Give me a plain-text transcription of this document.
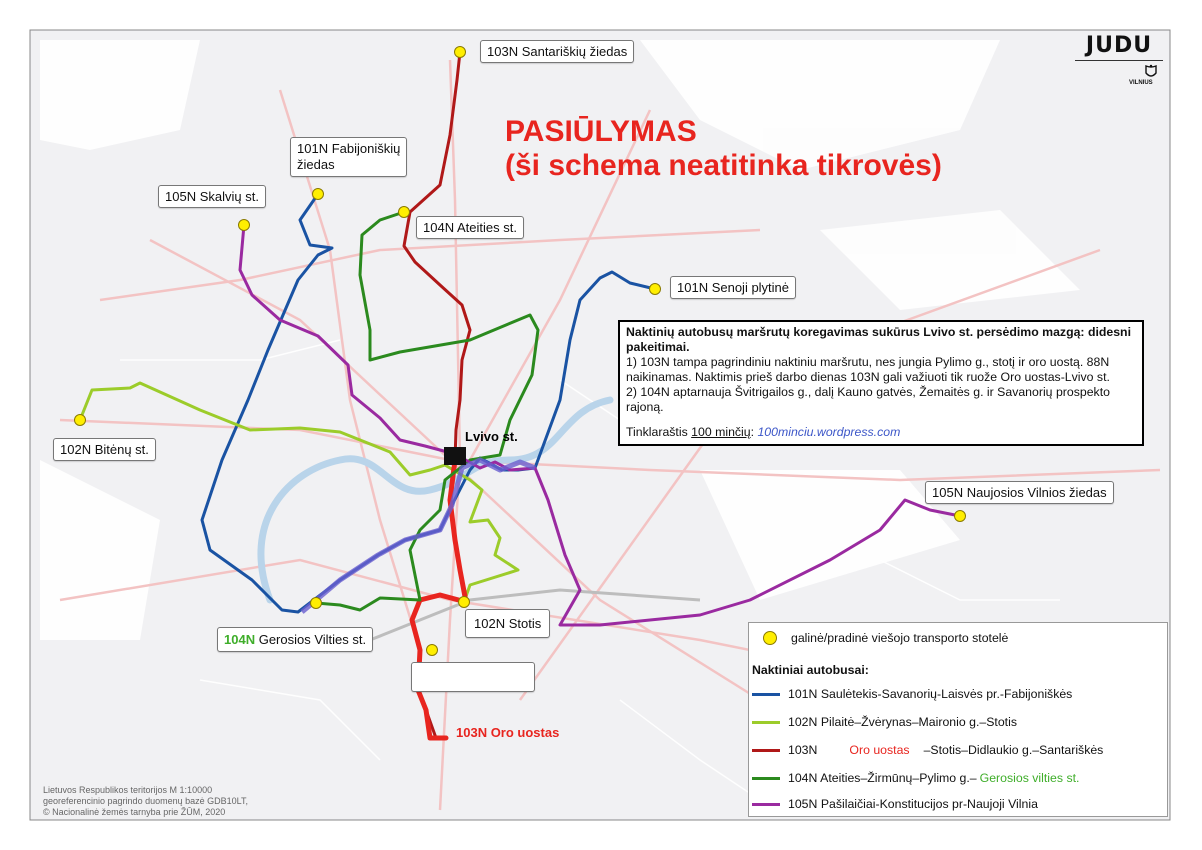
PASIŪLYMAS
(ši schema neatitinka tikrovės)
JUDU
VILNIUS
103N Santariškių žiedas
101N Fabijoniškių
žiedas
105N Skalvių st.
104N Ateities st.
101N Senoji plytinė
102N Bitėnų st.
Lvivo st.
105N Naujosios Vilnios žiedas
102N Stotis
104N Gerosios Vilties st.
103N Oro uostas
Naktinių autobusų maršrutų koregavimas sukūrus Lvivo st. persėdimo mazgą: didesni pakeitimai.
1) 103N tampa pagrindiniu naktiniu maršrutu, nes jungia Pylimo g., stotį ir oro uostą. 88N naikinamas. Naktimis prieš darbo dienas 103N gali važiuoti tik ruože Oro uostas-Lvivo st.
2) 104N aptarnauja Švitrigailos g., dalį Kauno gatvės, Žemaitės g. ir Savanorių prospekto rajoną.
Tinklaraštis 100 minčių: 100minciu.wordpress.com
galinė/pradinė viešojo transporto stotelė
Naktiniai autobusai:
101N Saulėtekis-Savanorių-Laisvės pr.-Fabijoniškės
102N Pilaitė–Žvėrynas–Maironio g.–Stotis
103N	Oro uostas –Stotis–Didlaukio g.–Santariškės
104N Ateities–Žirmūnų–Pylimo g.– Gerosios vilties st.
105N Pašilaičiai-Konstitucijos pr-Naujoji Vilnia
Lietuvos Respublikos teritorijos M 1:10000
georeferencinio pagrindo duomenų bazė GDB10LT,
© Nacionalinė žemės tarnyba prie ŽŪM, 2020
